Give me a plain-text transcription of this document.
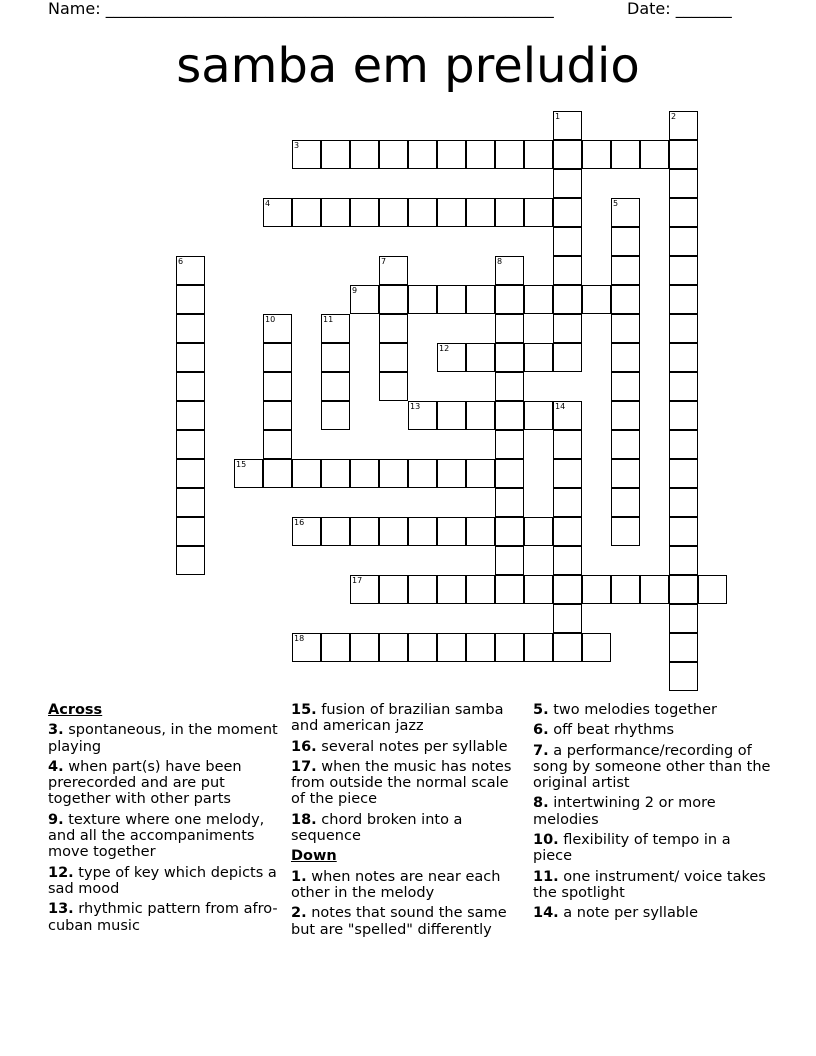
Name: ________________________________________________________	Date: _______
samba em preludio
3
4
9
12
13
15
16
17
18
1	2
5
6	7	8
10	11
14
Across
3. spontaneous, in the moment playing
4. when part(s) have been prerecorded and are put together with other parts
9. texture where one melody, and all the accompaniments move together
12. type of key which depicts a sad mood
13. rhythmic pattern from afro-cuban music
15. fusion of brazilian samba and american jazz
16. several notes per syllable
17. when the music has notes from outside the normal scale of the piece
18. chord broken into a sequence
Down
1. when notes are near each other in the melody
2. notes that sound the same but are "spelled" differently
5. two melodies together
6. off beat rhythms
7. a performance/recording of song by someone other than the original artist
8. intertwining 2 or more melodies
10. flexibility of tempo in a piece
11. one instrument/ voice takes the spotlight
14. a note per syllable
